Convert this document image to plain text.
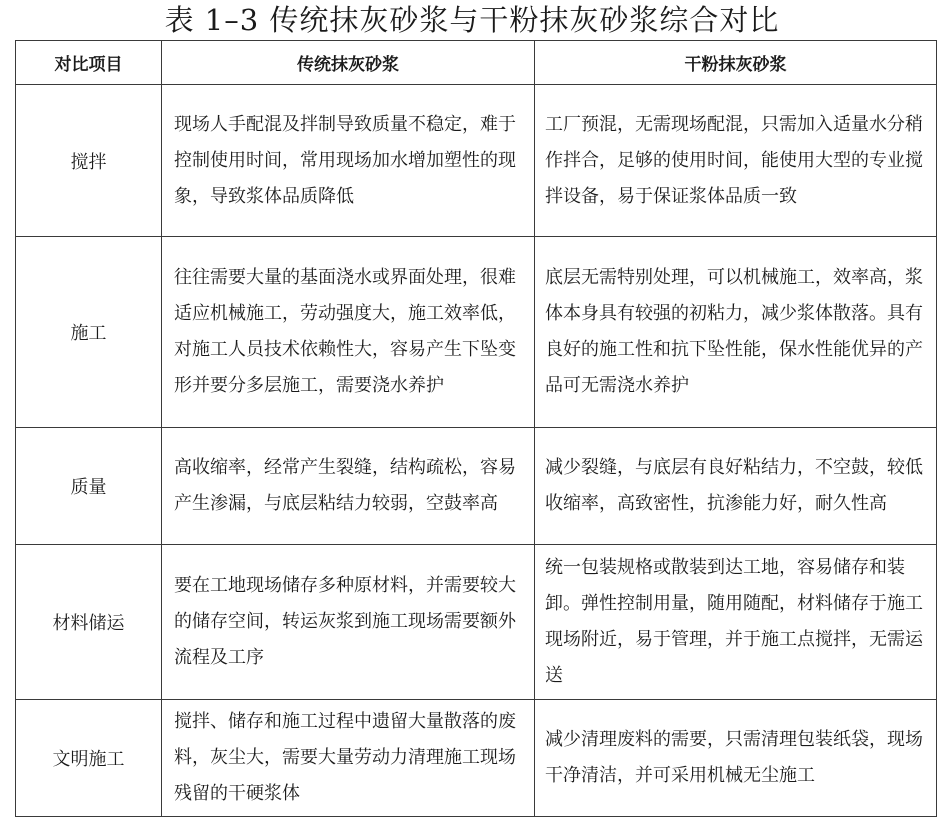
表 1–3 传统抹灰砂浆与干粉抹灰砂浆综合对比
对比项目	传统抹灰砂浆	干粉抹灰砂浆
搅拌	现场人手配混及拌制导致质量不稳定，难于控制使用时间，常用现场加水增加塑性的现象，导致浆体品质降低	工厂预混，无需现场配混，只需加入适量水分稍作拌合，足够的使用时间，能使用大型的专业搅拌设备，易于保证浆体品质一致
施工	往往需要大量的基面浇水或界面处理，很难适应机械施工，劳动强度大，施工效率低，对施工人员技术依赖性大，容易产生下坠变形并要分多层施工，需要浇水养护	底层无需特别处理，可以机械施工，效率高，浆体本身具有较强的初粘力，减少浆体散落。具有良好的施工性和抗下坠性能，保水性能优异的产品可无需浇水养护
质量	高收缩率，经常产生裂缝，结构疏松，容易产生渗漏，与底层粘结力较弱，空鼓率高	减少裂缝，与底层有良好粘结力，不空鼓，较低收缩率，高致密性，抗渗能力好，耐久性高
材料储运	要在工地现场储存多种原材料，并需要较大的储存空间，转运灰浆到施工现场需要额外流程及工序	统一包装规格或散装到达工地，容易储存和装卸。弹性控制用量，随用随配，材料储存于施工现场附近，易于管理，并于施工点搅拌，无需运送
文明施工	搅拌、储存和施工过程中遗留大量散落的废料，灰尘大，需要大量劳动力清理施工现场残留的干硬浆体	减少清理废料的需要，只需清理包装纸袋，现场干净清洁，并可采用机械无尘施工
